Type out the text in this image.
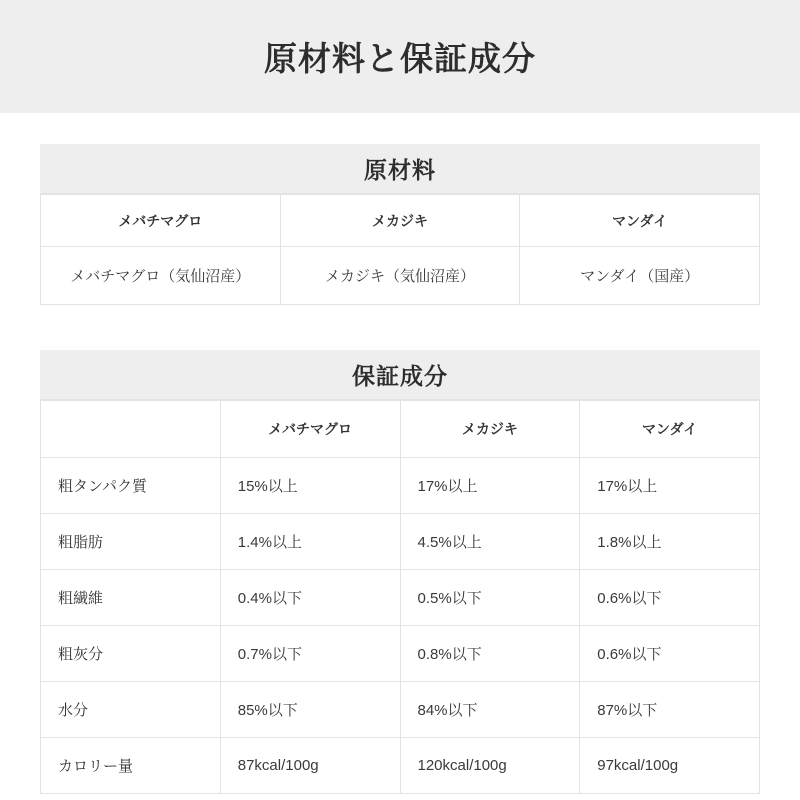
原材料と保証成分
原材料
メバチマグロ	メカジキ	マンダイ
メバチマグロ（気仙沼産）	メカジキ（気仙沼産）	マンダイ（国産）
保証成分
	メバチマグロ	メカジキ	マンダイ
粗タンパク質	15%以上	17%以上	17%以上
粗脂肪	1.4%以上	4.5%以上	1.8%以上
粗繊維	0.4%以下	0.5%以下	0.6%以下
粗灰分	0.7%以下	0.8%以下	0.6%以下
水分	85%以下	84%以下	87%以下
カロリー量	87kcal/100g	120kcal/100g	97kcal/100g
